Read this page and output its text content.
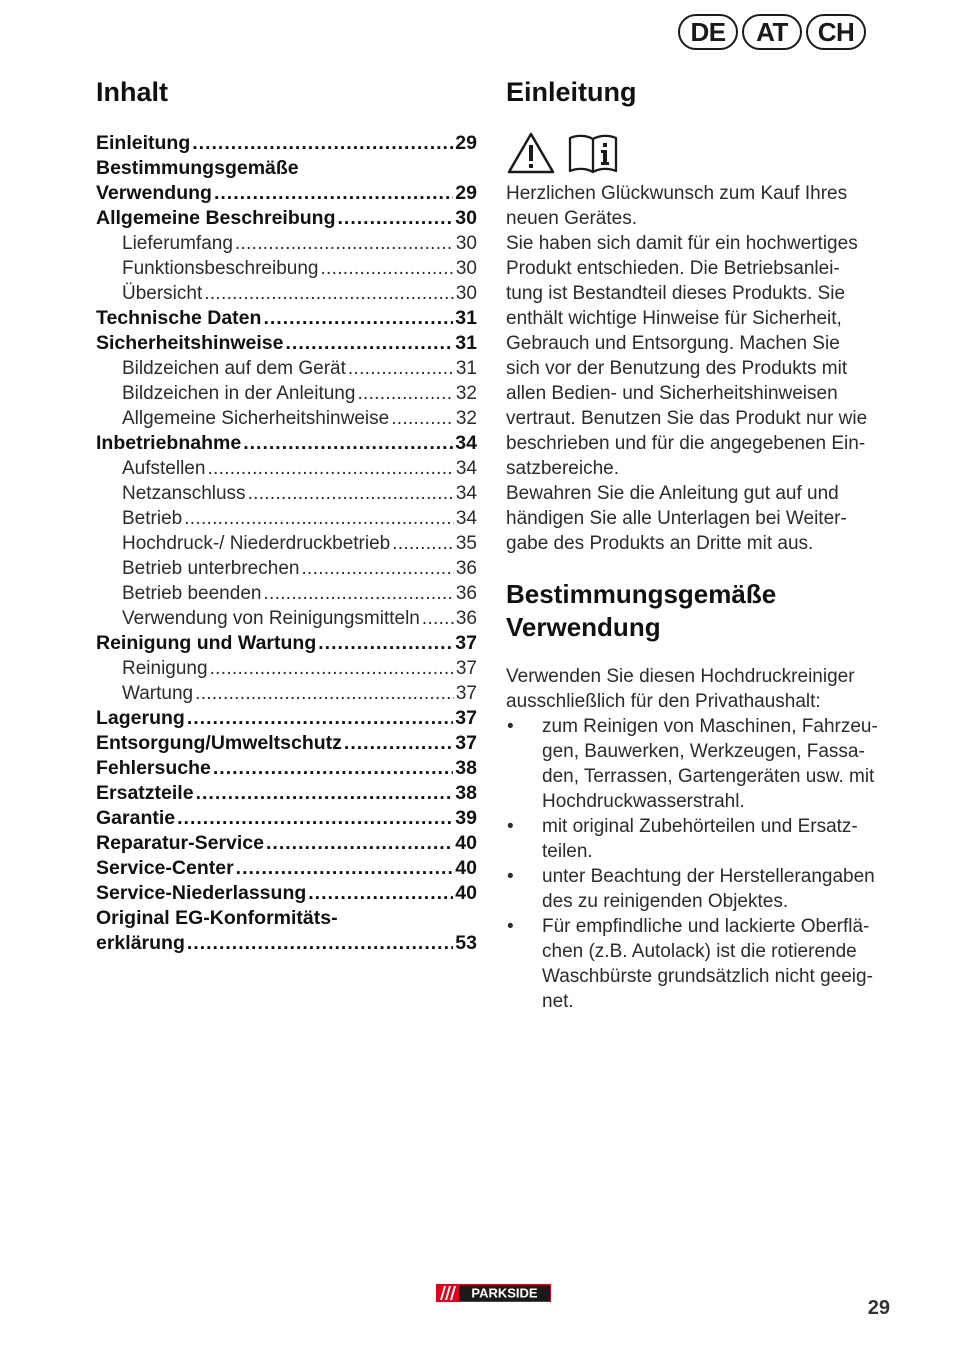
DE	AT	CH
Inhalt
Einleitung .....	29
Bestimmungsgemäße
Verwendung .....	29
Allgemeine Beschreibung .....	30
Lieferumfang .....	30
Funktionsbeschreibung .....	30
Übersicht .....	30
Technische Daten .....	31
Sicherheitshinweise .....	31
Bildzeichen auf dem Gerät .....	31
Bildzeichen in der Anleitung .....	32
Allgemeine Sicherheitshinweise .....	32
Inbetriebnahme .....	34
Aufstellen .....	34
Netzanschluss .....	34
Betrieb .....	34
Hochdruck-/ Niederdruckbetrieb .....	35
Betrieb unterbrechen .....	36
Betrieb beenden .....	36
Verwendung von Reinigungsmitteln ..... 36
Reinigung und Wartung .....	37
Reinigung .....	37
Wartung .....	37
Lagerung .....	37
Entsorgung/Umweltschutz .....	37
Fehlersuche .....	38
Ersatzteile .....	38
Garantie .....	39
Reparatur-Service .....	40
Service-Center .....	40
Service-Niederlassung .....	40
Original EG-Konformitäts-
erklärung .....	53
Einleitung

Herzlichen Glückwunsch zum Kauf Ihres

neuen Gerätes.

Sie haben sich damit für ein hochwertiges

Produkt entschieden. Die Betriebsanlei-

tung ist Bestandteil dieses Produkts. Sie

enthält wichtige Hinweise für Sicherheit,

Gebrauch und Entsorgung. Machen Sie

sich vor der Benutzung des Produkts mit

allen Bedien- und Sicherheitshinweisen

vertraut. Benutzen Sie das Produkt nur wie

beschrieben und für die angegebenen Ein-

satzbereiche.

Bewahren Sie die Anleitung gut auf und

händigen Sie alle Unterlagen bei Weiter-

gabe des Produkts an Dritte mit aus.

Bestimmungsgemäße
Verwendung

Verwenden Sie diesen Hochdruckreiniger

ausschließlich für den Privathaushalt:

• zum Reinigen von Maschinen, Fahrzeu-
gen, Bauwerken, Werkzeugen, Fassa-
den, Terrassen, Gartengeräten usw. mit
Hochdruckwasserstrahl.
• mit original Zubehörteilen und Ersatz-
teilen.
• unter Beachtung der Herstellerangaben
des zu reinigenden Objektes.
• Für empfindliche und lackierte Oberflä-
chen (z.B. Autolack) ist die rotierende
Waschbürste grundsätzlich nicht geeig-
net.
PARKSIDE
29
